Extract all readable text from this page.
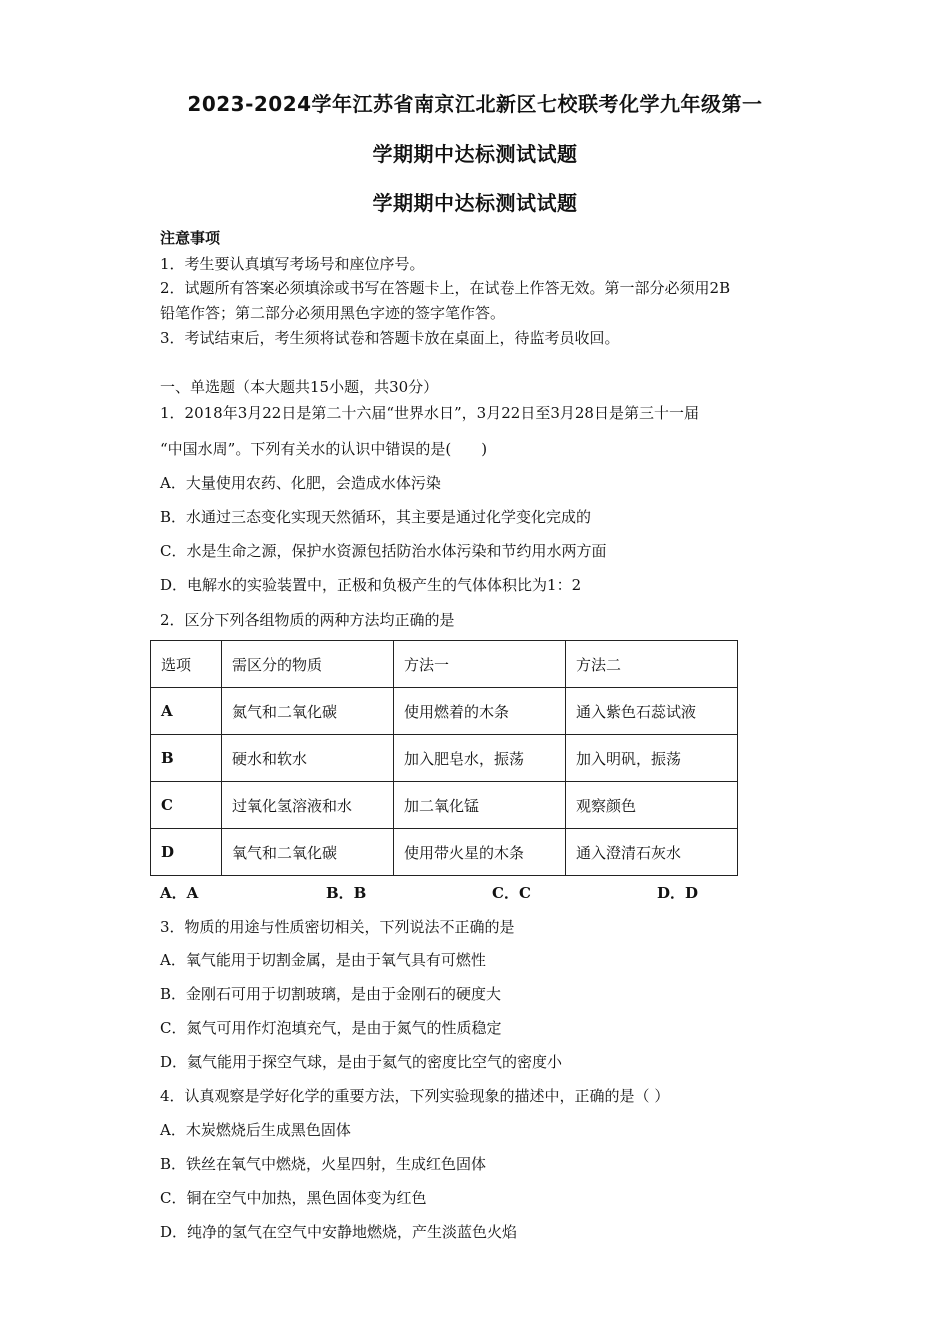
2023-2024学年江苏省南京江北新区七校联考化学九年级第一
学期期中达标测试试题
学期期中达标测试试题
注意事项
1．考生要认真填写考场号和座位序号。
2．试题所有答案必须填涂或书写在答题卡上，在试卷上作答无效。第一部分必须用2B
铅笔作答；第二部分必须用黑色字迹的签字笔作答。
3．考试结束后，考生须将试卷和答题卡放在桌面上，待监考员收回。
一、单选题（本大题共15小题，共30分）
1．2018年3月22日是第二十六届“世界水日”，3月22日至3月28日是第三十一届
“中国水周”。下列有关水的认识中错误的是(　　)
A．大量使用农药、化肥，会造成水体污染
B．水通过三态变化实现天然循环，其主要是通过化学变化完成的
C．水是生命之源，保护水资源包括防治水体污染和节约用水两方面
D．电解水的实验装置中，正极和负极产生的气体体积比为1：2
2．区分下列各组物质的两种方法均正确的是
选项	需区分的物质	方法一	方法二
A	氮气和二氧化碳	使用燃着的木条	通入紫色石蕊试液
B	硬水和软水	加入肥皂水，振荡	加入明矾，振荡
C	过氧化氢溶液和水	加二氧化锰	观察颜色
D	氧气和二氧化碳	使用带火星的木条	通入澄清石灰水
A．A	B．B	C．C	D．D
3．物质的用途与性质密切相关，下列说法不正确的是
A．氧气能用于切割金属，是由于氧气具有可燃性
B．金刚石可用于切割玻璃，是由于金刚石的硬度大
C．氮气可用作灯泡填充气，是由于氮气的性质稳定
D．氦气能用于探空气球，是由于氦气的密度比空气的密度小
4．认真观察是学好化学的重要方法，下列实验现象的描述中，正确的是（ ）
A．木炭燃烧后生成黑色固体
B．铁丝在氧气中燃烧，火星四射，生成红色固体
C．铜在空气中加热，黑色固体变为红色
D．纯净的氢气在空气中安静地燃烧，产生淡蓝色火焰
